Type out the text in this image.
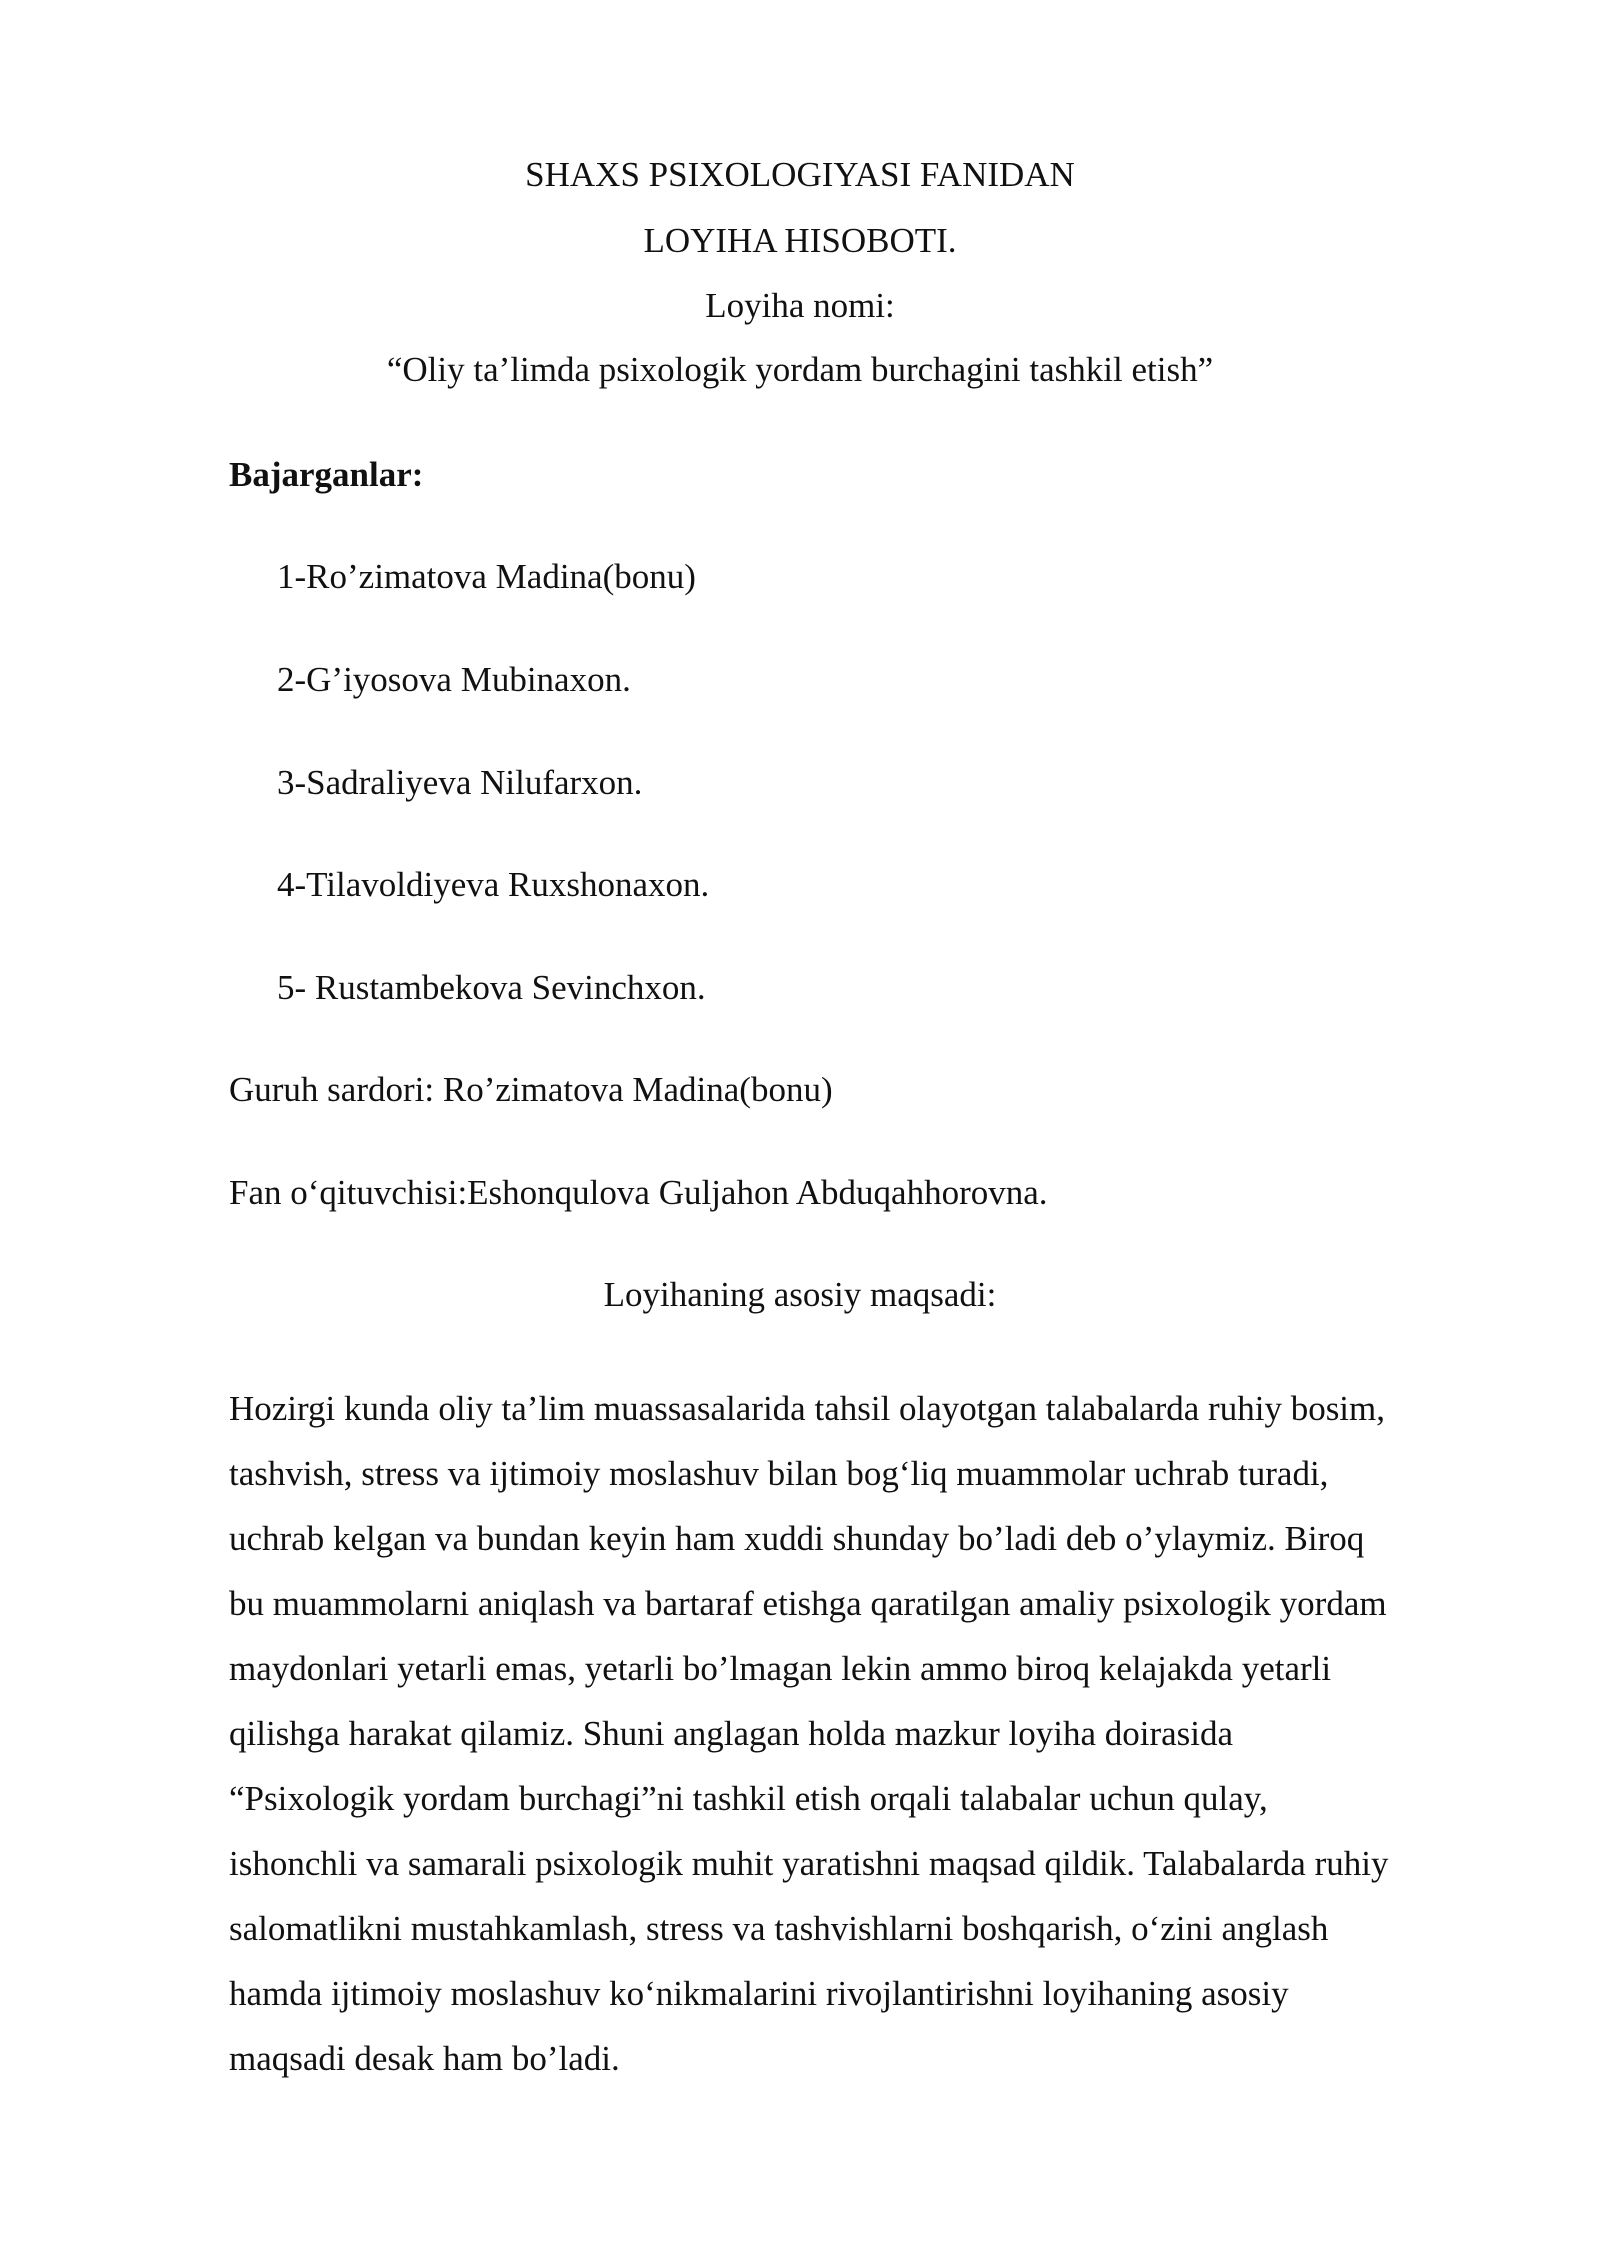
SHAXS PSIXOLOGIYASI FANIDAN
LOYIHA HISOBOTI.
Loyiha nomi:
“Oliy ta’limda psixologik yordam burchagini tashkil etish”
Bajarganlar:
1-Ro’zimatova Madina(bonu)
2-G’iyosova Mubinaxon.
3-Sadraliyeva Nilufarxon.
4-Tilavoldiyeva Ruxshonaxon.
5- Rustambekova Sevinchxon.
Guruh sardori: Ro’zimatova Madina(bonu)
Fan o‘qituvchisi:Eshonqulova Guljahon Abduqahhorovna.
Loyihaning asosiy maqsadi:
Hozirgi kunda oliy ta’lim muassasalarida tahsil olayotgan talabalarda ruhiy bosim,
tashvish, stress va ijtimoiy moslashuv bilan bog‘liq muammolar uchrab turadi,
uchrab kelgan va bundan keyin ham xuddi shunday bo’ladi deb o’ylaymiz. Biroq
bu muammolarni aniqlash va bartaraf etishga qaratilgan amaliy psixologik yordam
maydonlari yetarli emas, yetarli bo’lmagan lekin ammo biroq kelajakda yetarli
qilishga harakat qilamiz. Shuni anglagan holda mazkur loyiha doirasida
“Psixologik yordam burchagi”ni tashkil etish orqali talabalar uchun qulay,
ishonchli va samarali psixologik muhit yaratishni maqsad qildik. Talabalarda ruhiy
salomatlikni mustahkamlash, stress va tashvishlarni boshqarish, o‘zini anglash
hamda ijtimoiy moslashuv ko‘nikmalarini rivojlantirishni loyihaning asosiy
maqsadi desak ham bo’ladi.
